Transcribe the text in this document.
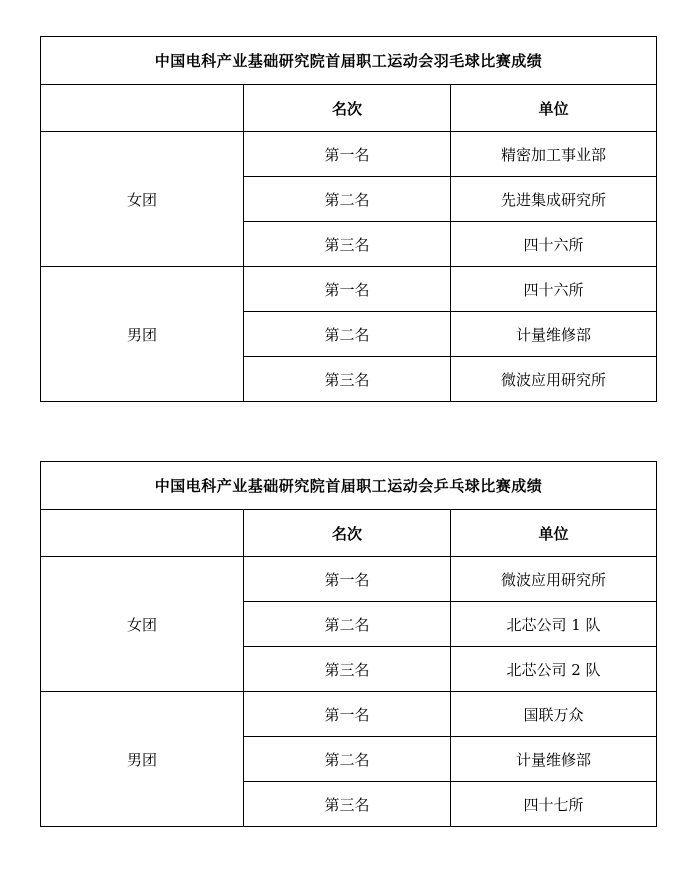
中国电科产业基础研究院首届职工运动会羽毛球比赛成绩		
	名次	单位
女团	第一名	精密加工事业部
	第二名	先进集成研究所
	第三名	四十六所
男团	第一名	四十六所
	第二名	计量维修部
	第三名	微波应用研究所
中国电科产业基础研究院首届职工运动会乒乓球比赛成绩		
	名次	单位
女团	第一名	微波应用研究所
	第二名	北芯公司 1 队
	第三名	北芯公司 2 队
男团	第一名	国联万众
	第二名	计量维修部
	第三名	四十七所
